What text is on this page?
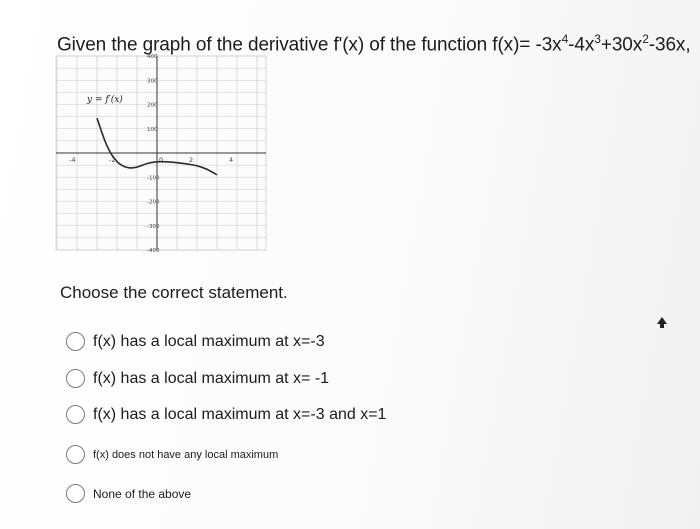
Given the graph of the derivative f'(x) of the function $f(x)= -3x^4-4x^3+30x^2-36x$,
-4	-2	0	2	4
400
300
200
100
-100
-200
-300
-400
y = f′(x)
Choose the correct statement.
f(x) has a local maximum at x=-3
f(x) has a local maximum at x= -1
f(x) has a local maximum at x=-3 and x=1
f(x) does not have any local maximum
None of the above
